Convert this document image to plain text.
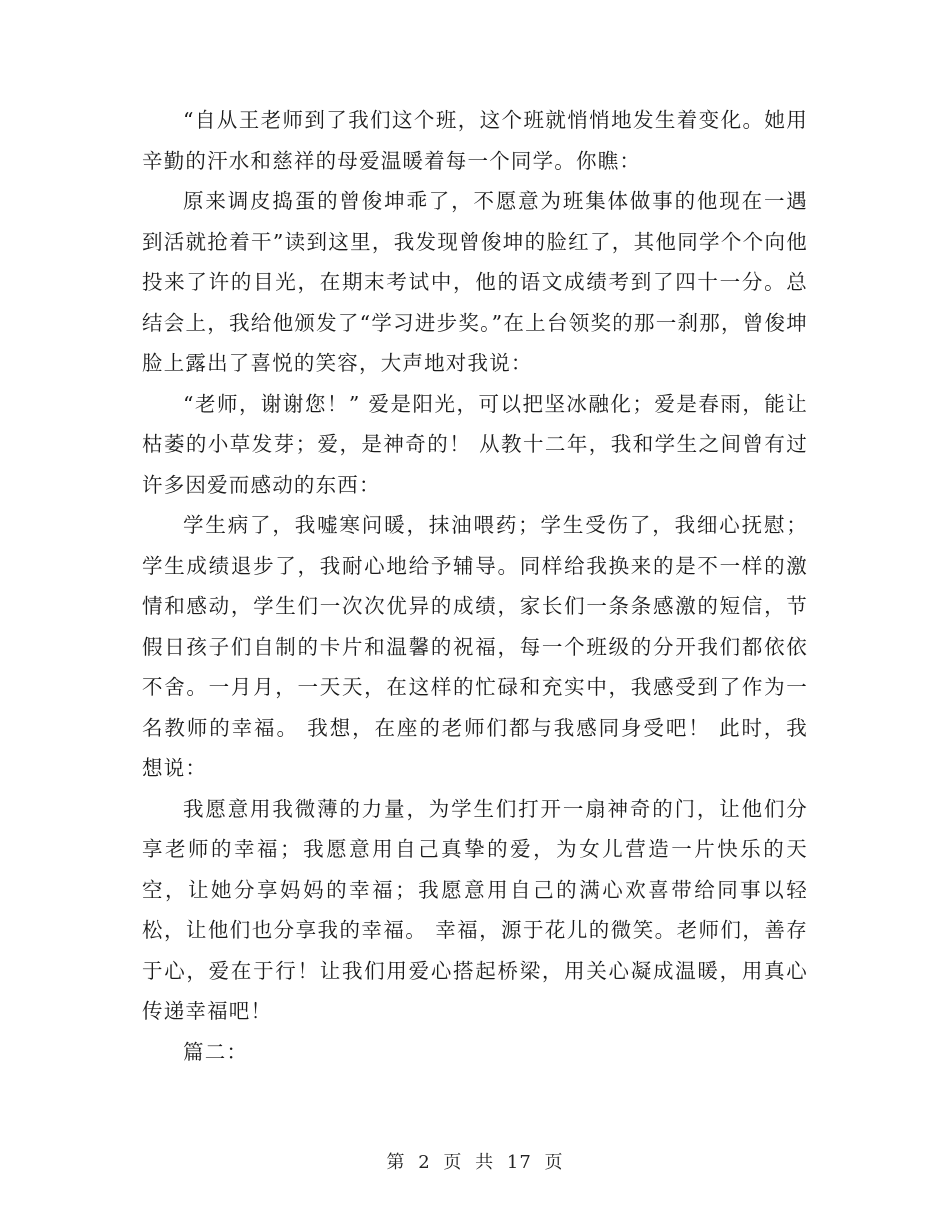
“自从王老师到了我们这个班，这个班就悄悄地发生着变化。她用辛勤的汗水和慈祥的母爱温暖着每一个同学。你瞧：

原来调皮捣蛋的曾俊坤乖了，不愿意为班集体做事的他现在一遇到活就抢着干”读到这里，我发现曾俊坤的脸红了，其他同学个个向他投来了许的目光，在期末考试中，他的语文成绩考到了四十一分。总结会上，我给他颁发了“学习进步奖。”在上台领奖的那一刹那，曾俊坤脸上露出了喜悦的笑容，大声地对我说：

“老师，谢谢您！” 爱是阳光，可以把坚冰融化；爱是春雨，能让枯萎的小草发芽；爱，是神奇的！ 从教十二年，我和学生之间曾有过许多因爱而感动的东西：

学生病了，我嘘寒问暖，抹油喂药；学生受伤了，我细心抚慰；学生成绩退步了，我耐心地给予辅导。同样给我换来的是不一样的激情和感动，学生们一次次优异的成绩，家长们一条条感激的短信，节假日孩子们自制的卡片和温馨的祝福，每一个班级的分开我们都依依不舍。一月月，一天天，在这样的忙碌和充实中，我感受到了作为一名教师的幸福。 我想，在座的老师们都与我感同身受吧！ 此时，我想说：

我愿意用我微薄的力量，为学生们打开一扇神奇的门，让他们分享老师的幸福；我愿意用自己真挚的爱，为女儿营造一片快乐的天空，让她分享妈妈的幸福；我愿意用自己的满心欢喜带给同事以轻松，让他们也分享我的幸福。 幸福，源于花儿的微笑。老师们，善存于心，爱在于行！让我们用爱心搭起桥梁，用关心凝成温暖，用真心传递幸福吧！

篇二：

第 2 页 共 17 页
